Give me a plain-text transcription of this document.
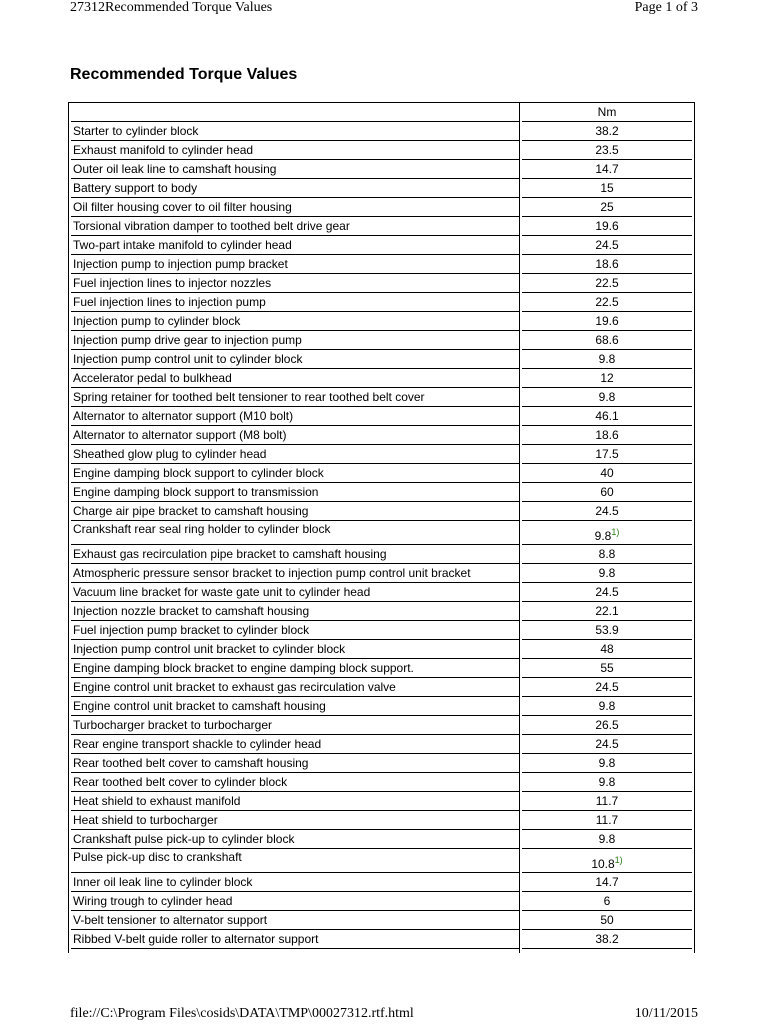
27312Recommended Torque Values	Page 1 of 3
Recommended Torque Values
	Nm
Starter to cylinder block	38.2
Exhaust manifold to cylinder head	23.5
Outer oil leak line to camshaft housing	14.7
Battery support to body	15
Oil filter housing cover to oil filter housing	25
Torsional vibration damper to toothed belt drive gear	19.6
Two-part intake manifold to cylinder head	24.5
Injection pump to injection pump bracket	18.6
Fuel injection lines to injector nozzles	22.5
Fuel injection lines to injection pump	22.5
Injection pump to cylinder block	19.6
Injection pump drive gear to injection pump	68.6
Injection pump control unit to cylinder block	9.8
Accelerator pedal to bulkhead	12
Spring retainer for toothed belt tensioner to rear toothed belt cover	9.8
Alternator to alternator support (M10 bolt)	46.1
Alternator to alternator support (M8 bolt)	18.6
Sheathed glow plug to cylinder head	17.5
Engine damping block support to cylinder block	40
Engine damping block support to transmission	60
Charge air pipe bracket to camshaft housing	24.5
Crankshaft rear seal ring holder to cylinder block	9.8$^{1)}$
Exhaust gas recirculation pipe bracket to camshaft housing	8.8
Atmospheric pressure sensor bracket to injection pump control unit bracket	9.8
Vacuum line bracket for waste gate unit to cylinder head	24.5
Injection nozzle bracket to camshaft housing	22.1
Fuel injection pump bracket to cylinder block	53.9
Injection pump control unit bracket to cylinder block	48
Engine damping block bracket to engine damping block support.	55
Engine control unit bracket to exhaust gas recirculation valve	24.5
Engine control unit bracket to camshaft housing	9.8
Turbocharger bracket to turbocharger	26.5
Rear engine transport shackle to cylinder head	24.5
Rear toothed belt cover to camshaft housing	9.8
Rear toothed belt cover to cylinder block	9.8
Heat shield to exhaust manifold	11.7
Heat shield to turbocharger	11.7
Crankshaft pulse pick-up to cylinder block	9.8
Pulse pick-up disc to crankshaft	10.8$^{1)}$
Inner oil leak line to cylinder block	14.7
Wiring trough to cylinder head	6
V-belt tensioner to alternator support	50
Ribbed V-belt guide roller to alternator support	38.2

file://C:\Program Files\cosids\DATA\TMP\00027312.rtf.html	10/11/2015
